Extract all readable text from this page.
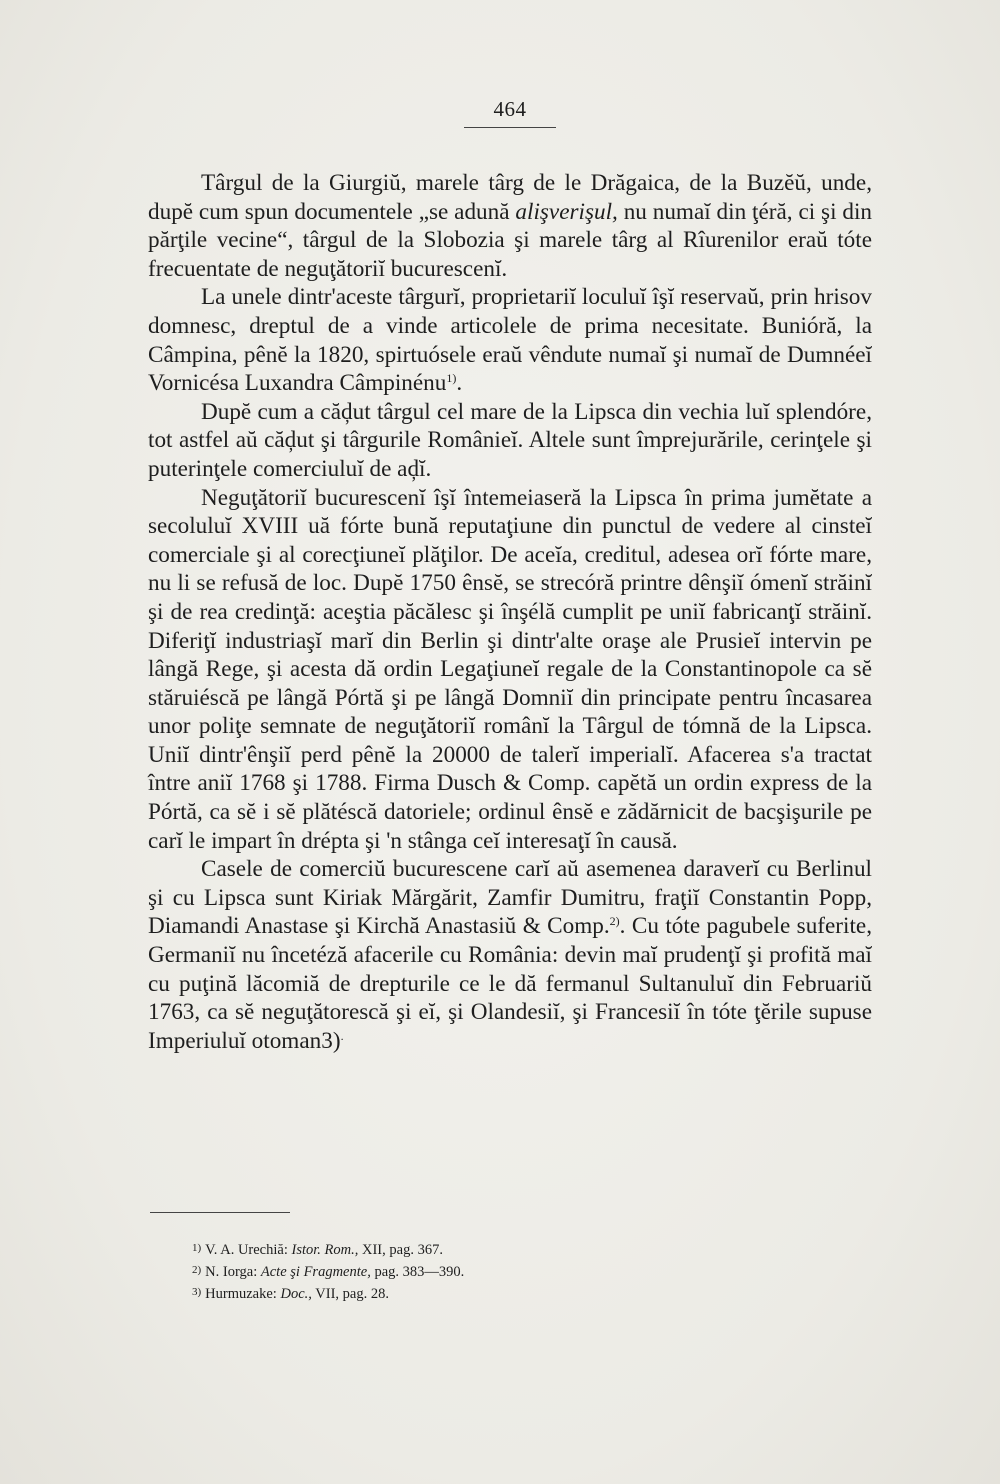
464

Târgul de la Giurgiŭ, marele târg de le Drăgaica, de la Buzĕŭ, unde, dupĕ cum spun documentele „se adună alişverişul, nu numaĭ din ţéră, ci şi din părţile vecine“, târgul de la Slobozia şi marele târg al Rîurenilor eraŭ tóte frecuentate de neguţătoriĭ bucurescenĭ.

La unele dintr'aceste târgurĭ, proprietariĭ loculuĭ îşĭ reservaŭ, prin hrisov domnesc, dreptul de a vinde articolele de prima necesitate. Bunióră, la Câmpina, pênĕ la 1820, spirtuósele eraŭ vêndute numaĭ şi numaĭ de Dumnéeĭ Vornicésa Luxandra Câmpinénu$^{1)}$.

Dupĕ cum a căḑut târgul cel mare de la Lipsca din vechia luĭ splendóre, tot astfel aŭ căḑut şi târgurile Românieĭ. Altele sunt împrejurările, cerinţele şi puterinţele comerciuluĭ de aḑĭ.

Neguţătoriĭ bucurescenĭ îşĭ întemeiaseră la Lipsca în prima jumĕtate a secoluluĭ XVIII uă fórte bună reputaţiune din punctul de vedere al cinsteĭ comerciale şi al corecţiuneĭ plăţilor. De aceĭa, creditul, adesea orĭ fórte mare, nu li se refusă de loc. Dupĕ 1750 ênsĕ, se strecóră printre dênşiĭ ómenĭ străinĭ şi de rea credinţă: aceştia păcălesc şi înşélă cumplit pe uniĭ fabricanţĭ străinĭ. Diferiţĭ industriaşĭ marĭ din Berlin şi dintr'alte oraşe ale Prusieĭ intervin pe lângă Rege, şi acesta dă ordin Legaţiuneĭ regale de la Constantinopole ca sĕ stăruiéscă pe lângă Pórtă şi pe lângă Domniĭ din principate pentru încasarea unor poliţe semnate de neguţătoriĭ românĭ la Târgul de tómnă de la Lipsca. Uniĭ dintr'ênşiĭ perd pênĕ la 20000 de talerĭ imperialĭ. Afacerea s'a tractat între aniĭ 1768 şi 1788. Firma Dusch & Comp. capĕtă un ordin express de la Pórtă, ca sĕ i sĕ plătéscă datoriele; ordinul ênsĕ e zădărnicit de bacşişurile pe carĭ le impart în drépta şi 'n stânga ceĭ interesaţĭ în causă.

Casele de comerciŭ bucurescene carĭ aŭ asemenea daraverĭ cu Berlinul şi cu Lipsca sunt Kiriak Mărgărit, Zamfir Dumitru, fraţiĭ Constantin Popp, Diamandi Anastase şi Kirchă Anastasiŭ & Comp.$^{2)}$. Cu tóte pagubele suferite, Germaniĭ nu încetéză afacerile cu România: devin maĭ prudenţĭ şi profită maĭ cu puţină lăcomiă de drepturile ce le dă fermanul Sultanuluĭ din Februariŭ 1763, ca sĕ neguţătorescă şi eĭ, şi Olandesiĭ, şi Francesiĭ în tóte ţĕrile supuse Imperiuluĭ otoman3).

$^{1)}$ V. A. Urechiă: Istor. Rom., XII, pag. 367.
$^{2)}$ N. Iorga: Acte şi Fragmente, pag. 383—390.
$^{3)}$ Hurmuzake: Doc., VII, pag. 28.
